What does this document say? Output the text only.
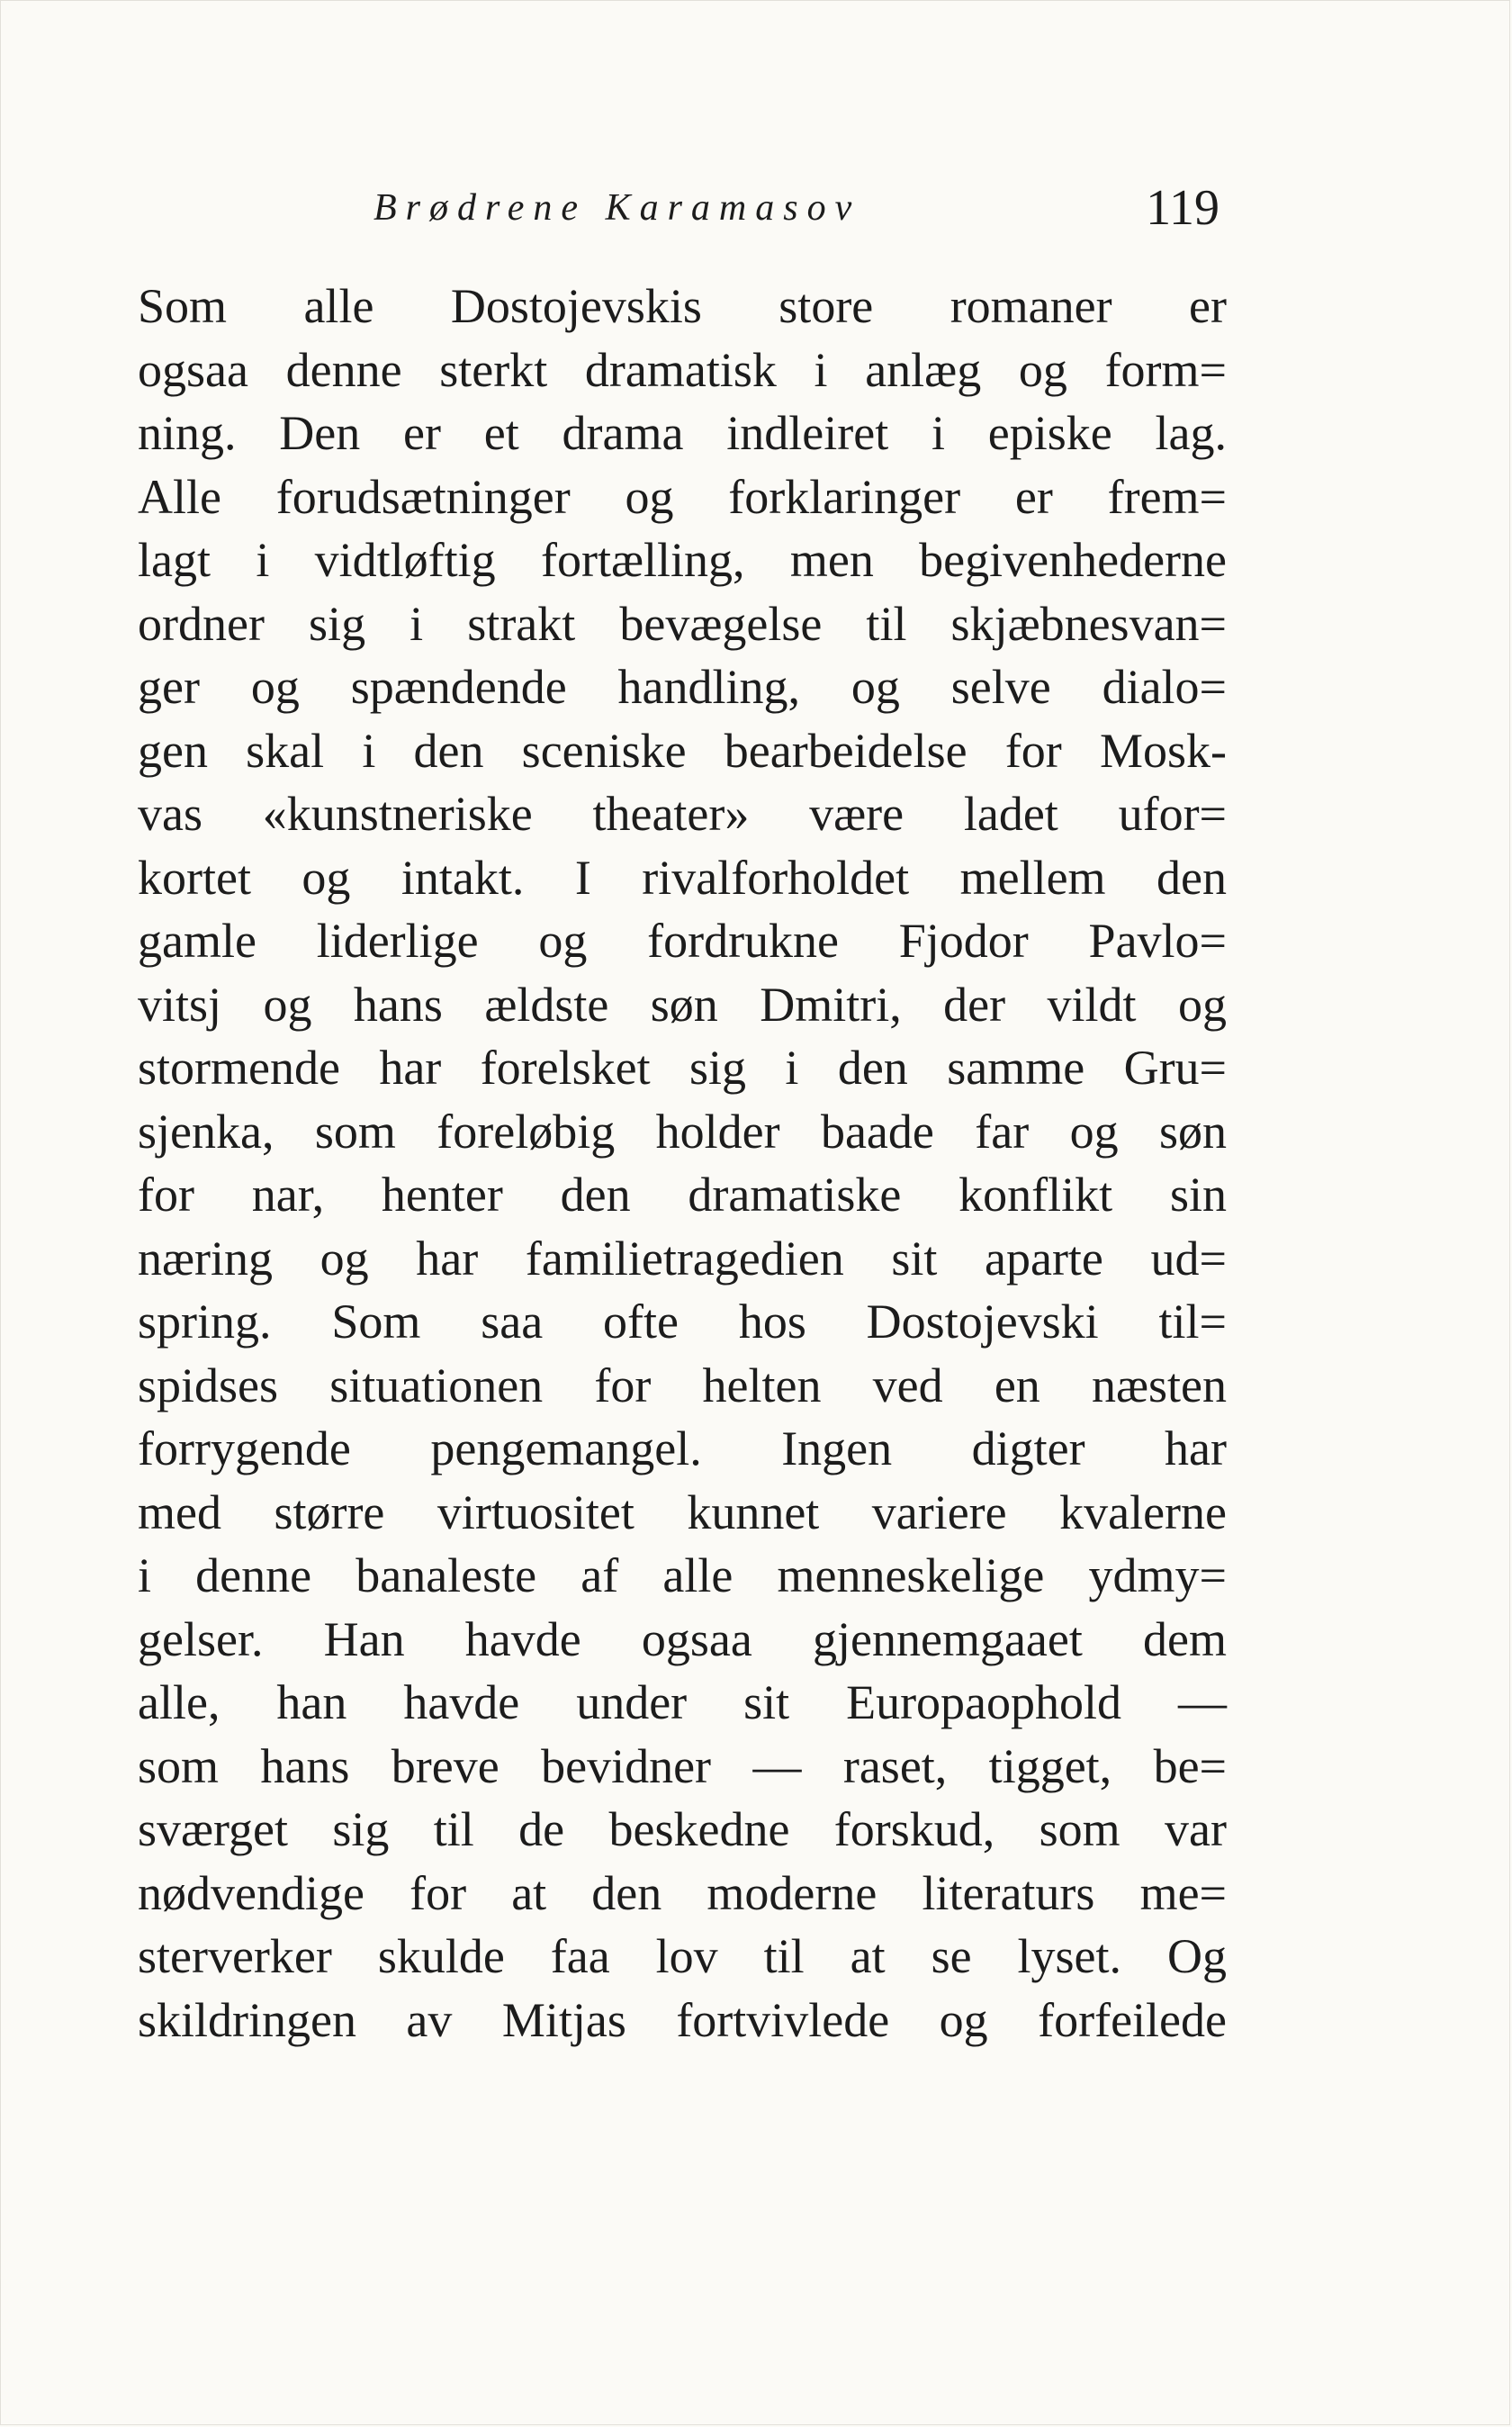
Brødrene Karamasov	119
Som alle Dostojevskis store romaner er
ogsaa denne sterkt dramatisk i anlæg og form=
ning. Den er et drama indleiret i episke lag.
Alle forudsætninger og forklaringer er frem=
lagt i vidtløftig fortælling, men begivenhederne
ordner sig i strakt bevægelse til skjæbnesvan=
ger og spændende handling, og selve dialo=
gen skal i den sceniske bearbeidelse for Mosk-
vas «kunstneriske theater» være ladet ufor=
kortet og intakt. I rivalforholdet mellem den
gamle liderlige og fordrukne Fjodor Pavlo=
vitsj og hans ældste søn Dmitri, der vildt og
stormende har forelsket sig i den samme Gru=
sjenka, som foreløbig holder baade far og søn
for nar, henter den dramatiske konflikt sin
næring og har familietragedien sit aparte ud=
spring. Som saa ofte hos Dostojevski til=
spidses situationen for helten ved en næsten
forrygende pengemangel. Ingen digter har
med større virtuositet kunnet variere kvalerne
i denne banaleste af alle menneskelige ydmy=
gelser. Han havde ogsaa gjennemgaaet dem
alle, han havde under sit Europaophold —
som hans breve bevidner — raset, tigget, be=
sværget sig til de beskedne forskud, som var
nødvendige for at den moderne literaturs me=
sterverker skulde faa lov til at se lyset. Og
skildringen av Mitjas fortvivlede og forfeilede
